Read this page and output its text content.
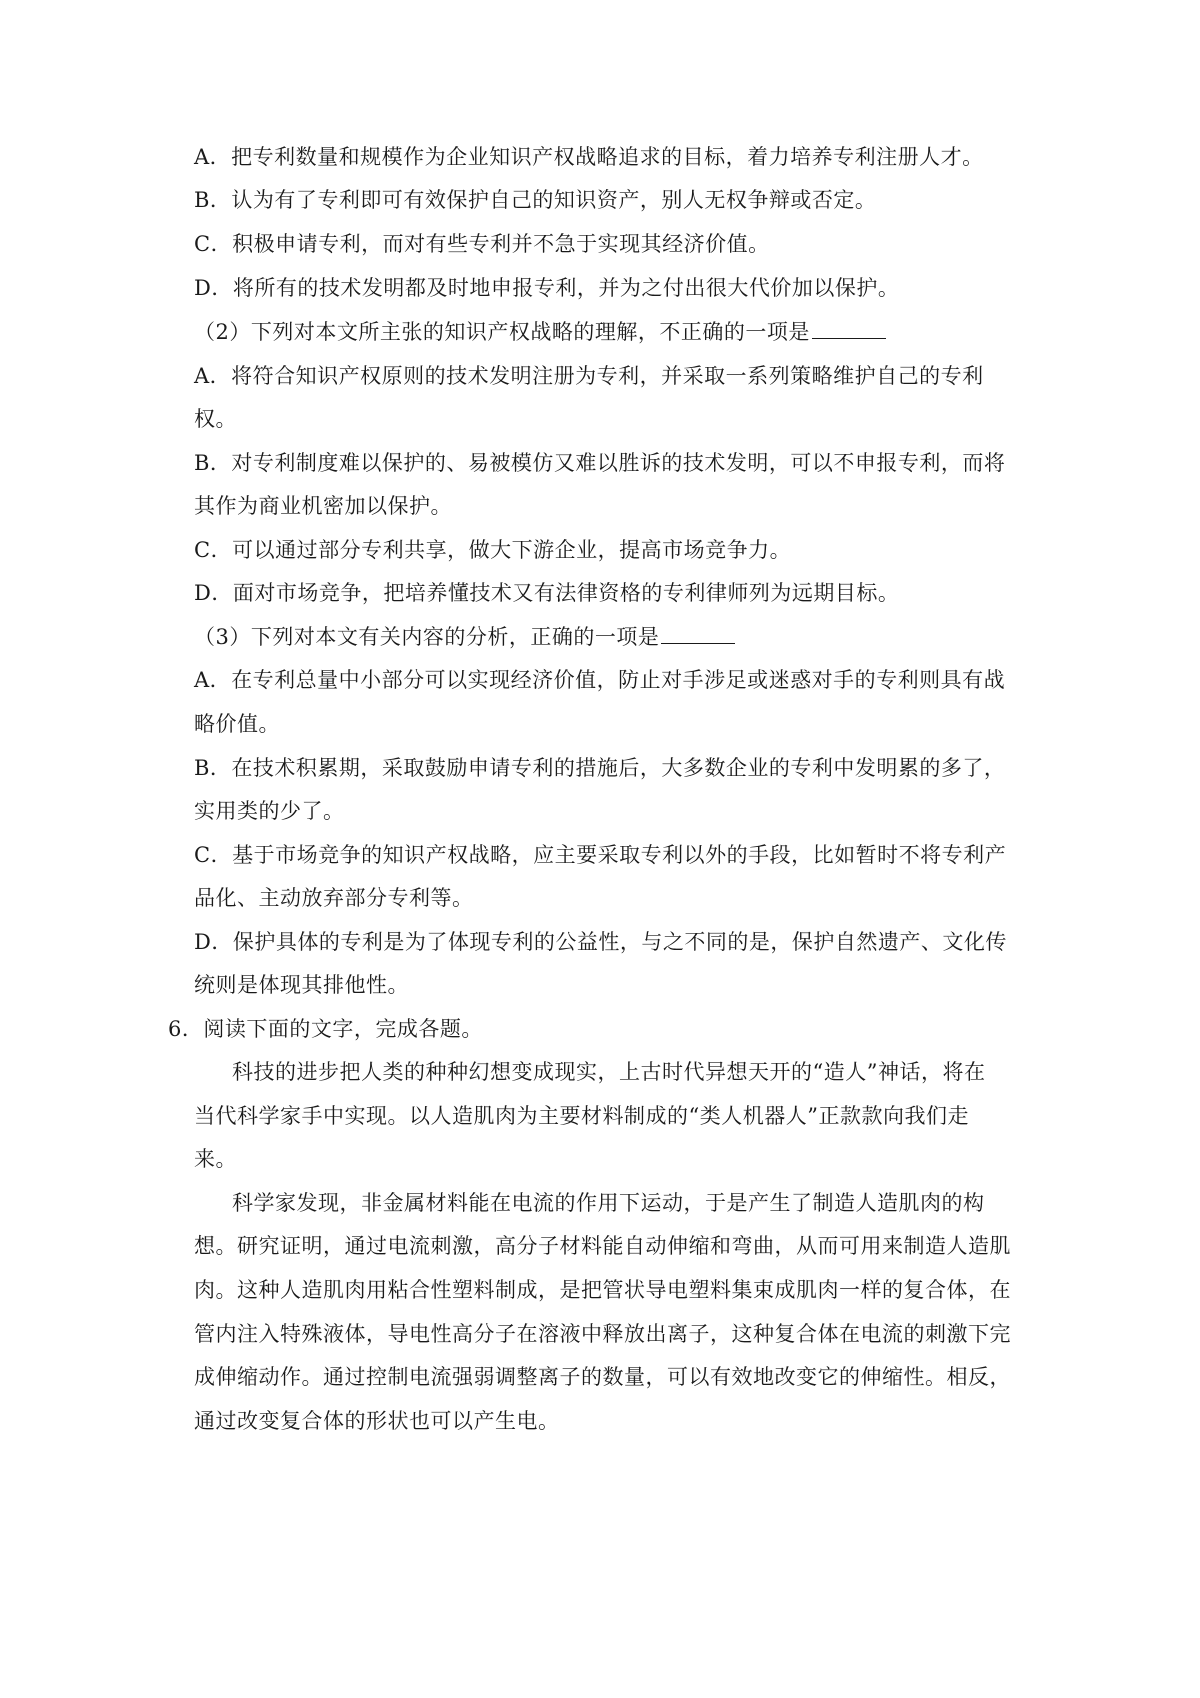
A．把专利数量和规模作为企业知识产权战略追求的目标，着力培养专利注册人才。
B．认为有了专利即可有效保护自己的知识资产，别人无权争辩或否定。
C．积极申请专利，而对有些专利并不急于实现其经济价值。
D．将所有的技术发明都及时地申报专利，并为之付出很大代价加以保护。
（2）下列对本文所主张的知识产权战略的理解，不正确的一项是
A．将符合知识产权原则的技术发明注册为专利，并采取一系列策略维护自己的专利
权。
B．对专利制度难以保护的、易被模仿又难以胜诉的技术发明，可以不申报专利，而将
其作为商业机密加以保护。
C．可以通过部分专利共享，做大下游企业，提高市场竞争力。
D．面对市场竞争，把培养懂技术又有法律资格的专利律师列为远期目标。
（3）下列对本文有关内容的分析，正确的一项是
A．在专利总量中小部分可以实现经济价值，防止对手涉足或迷惑对手的专利则具有战
略价值。
B．在技术积累期，采取鼓励申请专利的措施后，大多数企业的专利中发明累的多了，
实用类的少了。
C．基于市场竞争的知识产权战略，应主要采取专利以外的手段，比如暂时不将专利产
品化、主动放弃部分专利等。
D．保护具体的专利是为了体现专利的公益性，与之不同的是，保护自然遗产、文化传
统则是体现其排他性。
6．阅读下面的文字，完成各题。
科技的进步把人类的种种幻想变成现实，上古时代异想天开的“造人”神话，将在
当代科学家手中实现。以人造肌肉为主要材料制成的“类人机器人”正款款向我们走
来。
科学家发现，非金属材料能在电流的作用下运动，于是产生了制造人造肌肉的构
想。研究证明，通过电流刺激，高分子材料能自动伸缩和弯曲，从而可用来制造人造肌
肉。这种人造肌肉用粘合性塑料制成，是把管状导电塑料集束成肌肉一样的复合体，在
管内注入特殊液体，导电性高分子在溶液中释放出离子，这种复合体在电流的刺激下完
成伸缩动作。通过控制电流强弱调整离子的数量，可以有效地改变它的伸缩性。相反，
通过改变复合体的形状也可以产生电。
